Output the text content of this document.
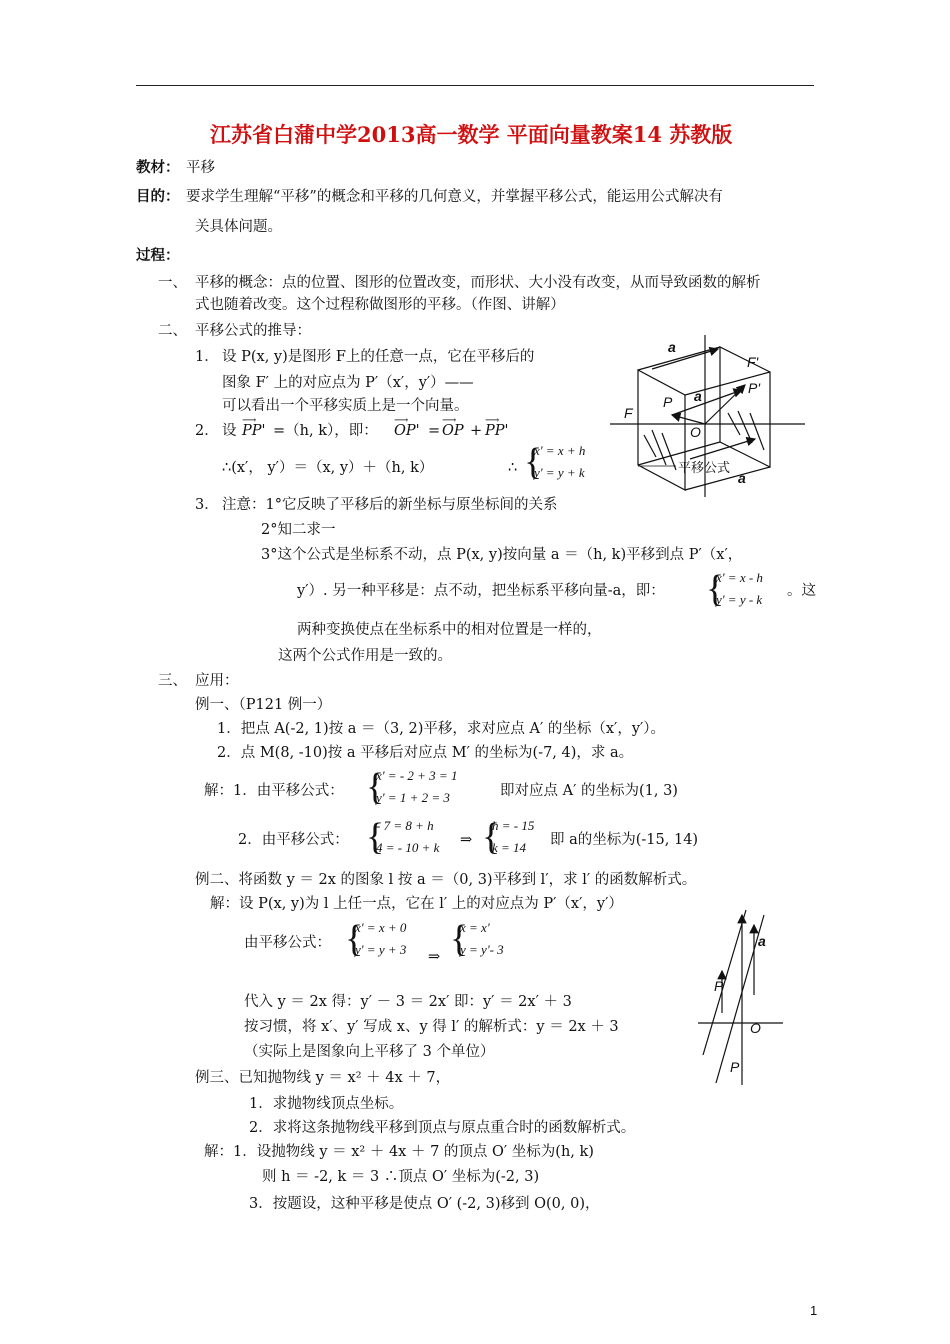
江苏省白蒲中学2013高一数学 平面向量教案14 苏教版
教材： 平移
目的： 要求学生理解“平移”的概念和平移的几何意义，并掌握平移公式，能运用公式解决有
关具体问题。
过程：
一、 平移的概念：点的位置、图形的位置改变，而形状、大小没有改变，从而导致函数的解析
式也随着改变。这个过程称做图形的平移。（作图、讲解）
二、 平移公式的推导：
1． 设 P(x, y)是图形 F上的任意一点，它在平移后的
图象 F′ 上的对应点为 P′（x′，y′）——
可以看出一个平移实质上是一个向量。
2． 设
⟶
PP' =（h, k），即：
⟶
OP' =
⟶
OP +
⟶
PP'
∴(x′， y′）＝（x, y）＋（h, k）	∴ {
x' = x + h
y' = y + k
3． 注意：1°它反映了平移后的新坐标与原坐标间的关系
2°知二求一
3°这个公式是坐标系不动，点 P(x, y)按向量 a ＝（h, k)平移到点 P′（x′，
y′）. 另一种平移是：点不动，把坐标系平移向量-a，即： {
x' = x - h
y' = y - k
。这
两种变换使点在坐标系中的相对位置是一样的，
这两个公式作用是一致的。
a
F'
P'
P a
F
O
a
平移公式
三、 应用：
例一、（P121 例一）
1．把点 A(-2, 1)按 a ＝（3, 2)平移，求对应点 A′ 的坐标（x′，y′）。
2．点 M(8, -10)按 a 平移后对应点 M′ 的坐标为(-7, 4)，求 a。
解：1．由平移公式： {
x' = - 2 + 3 = 1
y' = 1 + 2 = 3	即对应点 A′ 的坐标为(1, 3)
2．由平移公式： {
- 7 = 8 + h
4 = - 10 + k ⇒ {
h = - 15
k = 14 即 a的坐标为(-15, 14)
例二、将函数 y ＝ 2x 的图象 l 按 a ＝（0, 3)平移到 l′，求 l′ 的函数解析式。
解：设 P(x, y)为 l 上任一点，它在 l′ 上的对应点为 P′（x′，y′）
由平移公式： {
x' = x + 0
y' = y + 3 ⇒ {
x = x'
y = y'- 3
代入 y ＝ 2x 得：y′ － 3 ＝ 2x′ 即：y′ ＝ 2x′ ＋ 3
按习惯，将 x′、y′ 写成 x、y 得 l′ 的解析式：y ＝ 2x ＋ 3
（实际上是图象向上平移了 3 个单位）
a
P
O
P
例三、已知抛物线 y ＝ x² ＋ 4x ＋ 7，
1．求抛物线顶点坐标。
2．求将这条抛物线平移到顶点与原点重合时的函数解析式。
解：1．设抛物线 y ＝ x² ＋ 4x ＋ 7 的顶点 O′ 坐标为(h, k)
则 h ＝ -2, k ＝ 3 ∴顶点 O′ 坐标为(-2, 3)
3．按题设，这种平移是使点 O′ (-2, 3)移到 O(0, 0)，
1
